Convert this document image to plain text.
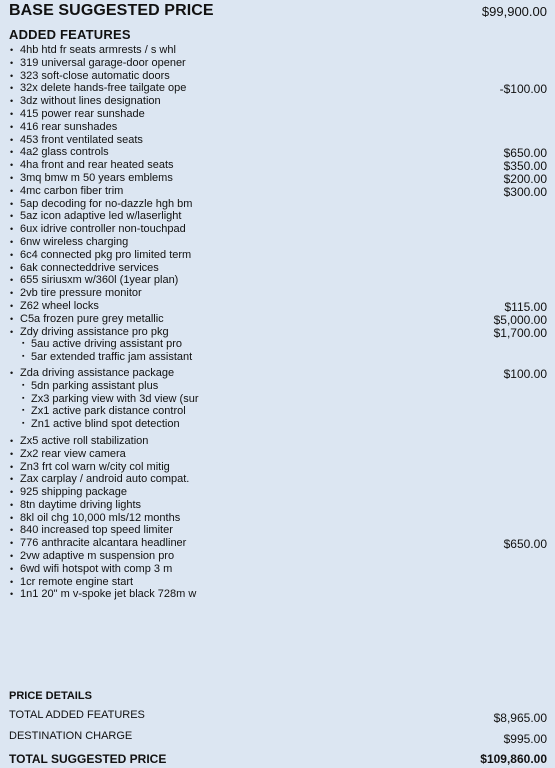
BASE SUGGESTED PRICE	$99,900.00
ADDED FEATURES
• 4hb htd fr seats armrests / s whl
• 319 universal garage-door opener
• 323 soft-close automatic doors
• 32x delete hands-free tailgate ope	-$100.00
• 3dz without lines designation
• 415 power rear sunshade
• 416 rear sunshades
• 453 front ventilated seats
• 4a2 glass controls	$650.00
• 4ha front and rear heated seats	$350.00
• 3mq bmw m 50 years emblems	$200.00
• 4mc carbon fiber trim	$300.00
• 5ap decoding for no-dazzle hgh bm
• 5az icon adaptive led w/laserlight
• 6ux idrive controller non-touchpad
• 6nw wireless charging
• 6c4 connected pkg pro limited term
• 6ak connecteddrive services
• 655 siriusxm w/360l (1year plan)
• 2vb tire pressure monitor
• Z62 wheel locks	$115.00
• C5a frozen pure grey metallic	$5,000.00
• Zdy driving assistance pro pkg	$1,700.00
▪ 5au active driving assistant pro
▪ 5ar extended traffic jam assistant
• Zda driving assistance package	$100.00
▪ 5dn parking assistant plus
▪ Zx3 parking view with 3d view (sur
▪ Zx1 active park distance control
▪ Zn1 active blind spot detection
• Zx5 active roll stabilization
• Zx2 rear view camera
• Zn3 frt col warn w/city col mitig
• Zax carplay / android auto compat.
• 925 shipping package
• 8tn daytime driving lights
• 8kl oil chg 10,000 mls/12 months
• 840 increased top speed limiter
• 776 anthracite alcantara headliner	$650.00
• 2vw adaptive m suspension pro
• 6wd wifi hotspot with comp 3 m
• 1cr remote engine start
• 1n1 20" m v-spoke jet black 728m w
PRICE DETAILS
TOTAL ADDED FEATURES	$8,965.00
DESTINATION CHARGE	$995.00
TOTAL SUGGESTED PRICE	$109,860.00
